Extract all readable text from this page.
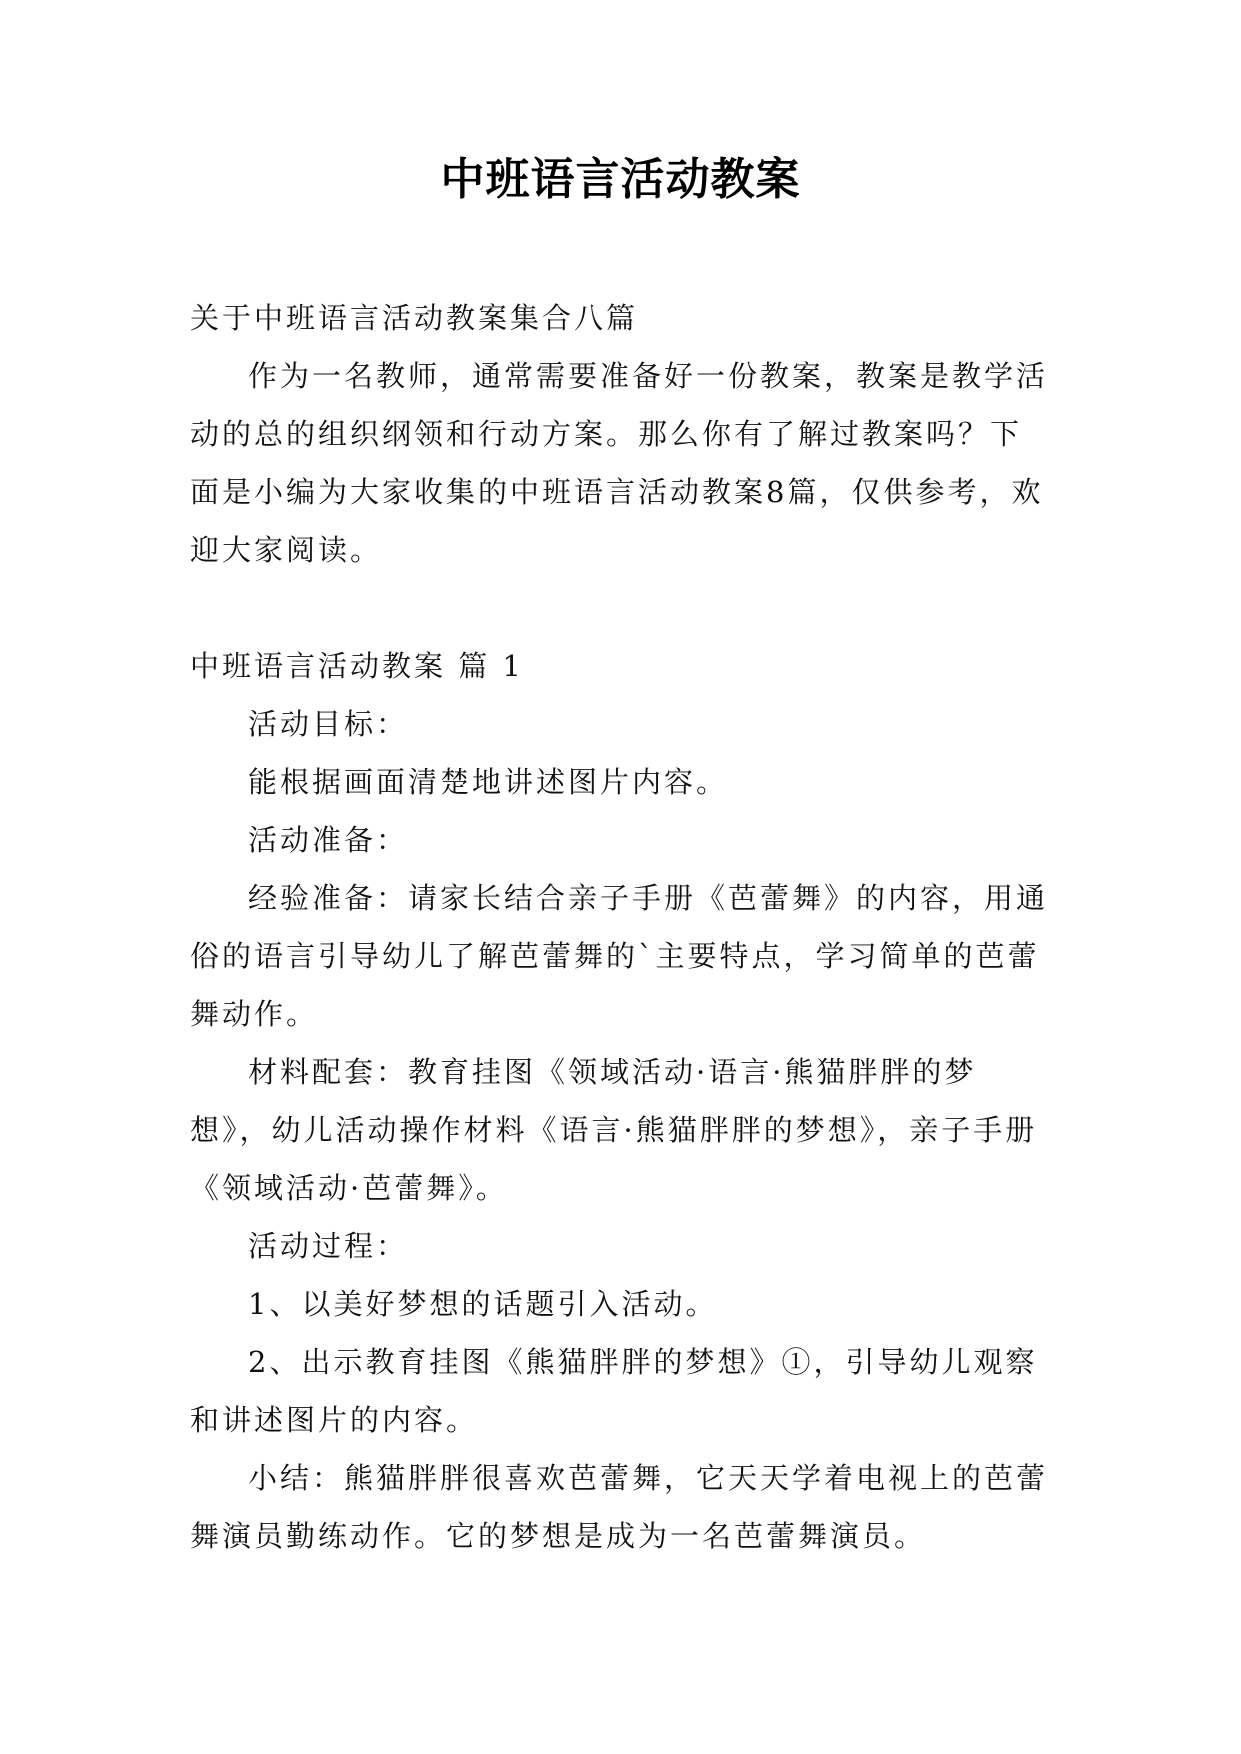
中班语言活动教案

关于中班语言活动教案集合八篇

作为一名教师，通常需要准备好一份教案，教案是教学活动的总的组织纲领和行动方案。那么你有了解过教案吗？下面是小编为大家收集的中班语言活动教案8篇，仅供参考，欢迎大家阅读。

中班语言活动教案 篇 1

活动目标：

能根据画面清楚地讲述图片内容。

活动准备：

经验准备：请家长结合亲子手册《芭蕾舞》的内容，用通俗的语言引导幼儿了解芭蕾舞的`主要特点，学习简单的芭蕾舞动作。

材料配套：教育挂图《领域活动·语言·熊猫胖胖的梦想》，幼儿活动操作材料《语言·熊猫胖胖的梦想》，亲子手册《领域活动·芭蕾舞》。

活动过程：

1、以美好梦想的话题引入活动。

2、出示教育挂图《熊猫胖胖的梦想》①，引导幼儿观察和讲述图片的内容。

小结：熊猫胖胖很喜欢芭蕾舞，它天天学着电视上的芭蕾舞演员勤练动作。它的梦想是成为一名芭蕾舞演员。
